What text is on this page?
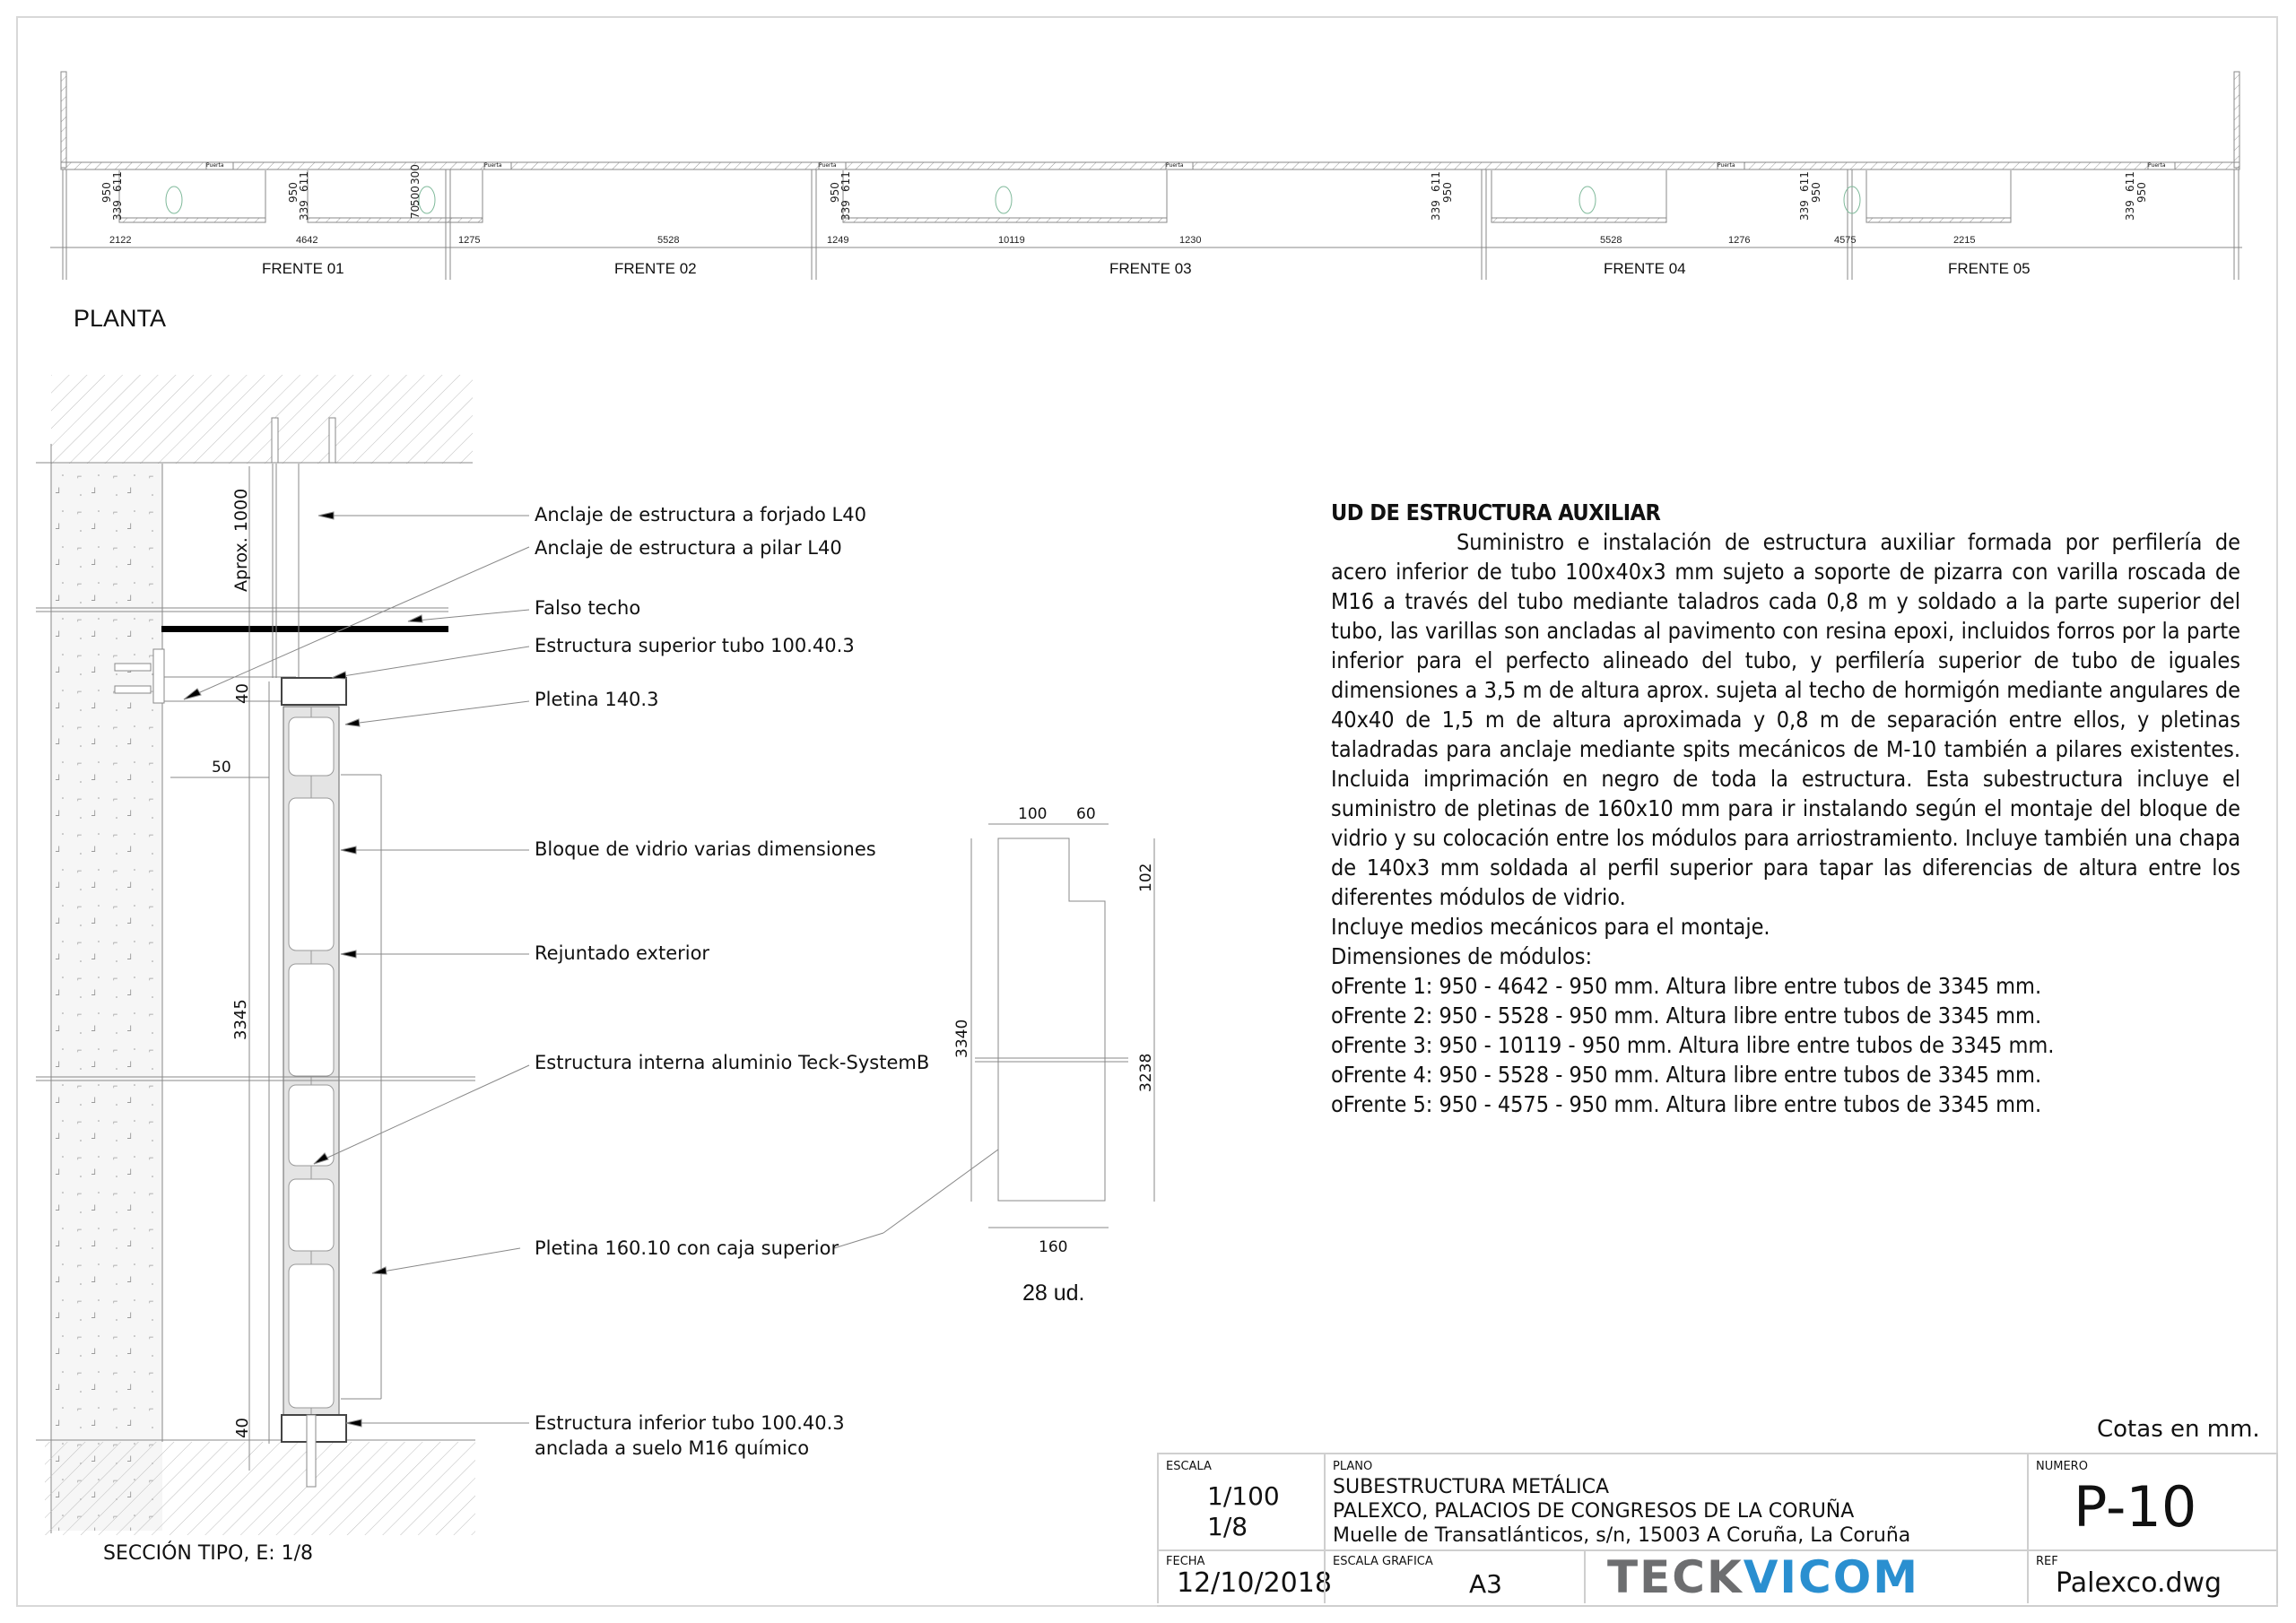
PLANTA
FRENTE 01	FRENTE 02	FRENTE 03	FRENTE 04	FRENTE 05
2122	4642	1275	5528	1249	10119	1230	5528	1276	4575	2215
Puerta	Puerta	Puerta	Puerta	Puerta	Puerta
950
611
339
950
611
339	70
500
300
950
611
339
611
339
950
611
339
950
611
339
950
Aprox. 1000
40
50
3345
40
Anclaje de estructura a forjado L40
Anclaje de estructura a pilar L40
Falso techo
Estructura superior tubo 100.40.3
Pletina 140.3
Bloque de vidrio varias dimensiones
Rejuntado exterior
Estructura interna aluminio Teck-SystemB
Pletina 160.10 con caja superior
Estructura inferior tubo 100.40.3
anclada a suelo M16 químico
SECCIÓN TIPO, E: 1/8
100 60
102
3340
3238
160
28 ud.
UD DE ESTRUCTURA AUXILIAR

Suministro e instalación de estructura auxiliar formada por perfilería de acero inferior de tubo 100x40x3 mm sujeto a soporte de pizarra con varilla roscada de M16 a través del tubo mediante taladros cada 0,8 m y soldado a la parte superior del tubo, las varillas son ancladas al pavimento con resina epoxi, incluidos forros por la parte inferior para el perfecto alineado del tubo, y perfilería superior de tubo de iguales dimensiones a 3,5 m de altura aprox. sujeta al techo de hormigón mediante angulares de 40x40 de 1,5 m de altura aproximada y 0,8 m de separación entre ellos, y pletinas taladradas para anclaje mediante spits mecánicos de M-10 también a pilares existentes. Incluida imprimación en negro de toda la estructura. Esta subestructura incluye el suministro de pletinas de 160x10 mm para ir instalando según el montaje del bloque de vidrio y su colocación entre los módulos para arriostramiento. Incluye también una chapa de 140x3 mm soldada al perfil superior para tapar las diferencias de altura entre los diferentes módulos de vidrio.

Incluye medios mecánicos para el montaje.
Dimensiones de módulos:
o Frente 1: 950 - 4642 - 950 mm. Altura libre entre tubos de 3345 mm.
o Frente 2: 950 - 5528 - 950 mm. Altura libre entre tubos de 3345 mm.
o Frente 3: 950 - 10119 - 950 mm. Altura libre entre tubos de 3345 mm.
o Frente 4: 950 - 5528 - 950 mm. Altura libre entre tubos de 3345 mm.
o Frente 5: 950 - 4575 - 950 mm. Altura libre entre tubos de 3345 mm.
Cotas en mm.
ESCALA
1/100
1/8
PLANO
SUBESTRUCTURA METÁLICA
PALEXCO, PALACIOS DE CONGRESOS DE LA CORUÑA
Muelle de Transatlánticos, s/n, 15003 A Coruña, La Coruña
NUMERO
P-10
FECHA
12/10/2018
ESCALA GRAFICA
A3 TECKVICOM	REF
Palexco.dwg
